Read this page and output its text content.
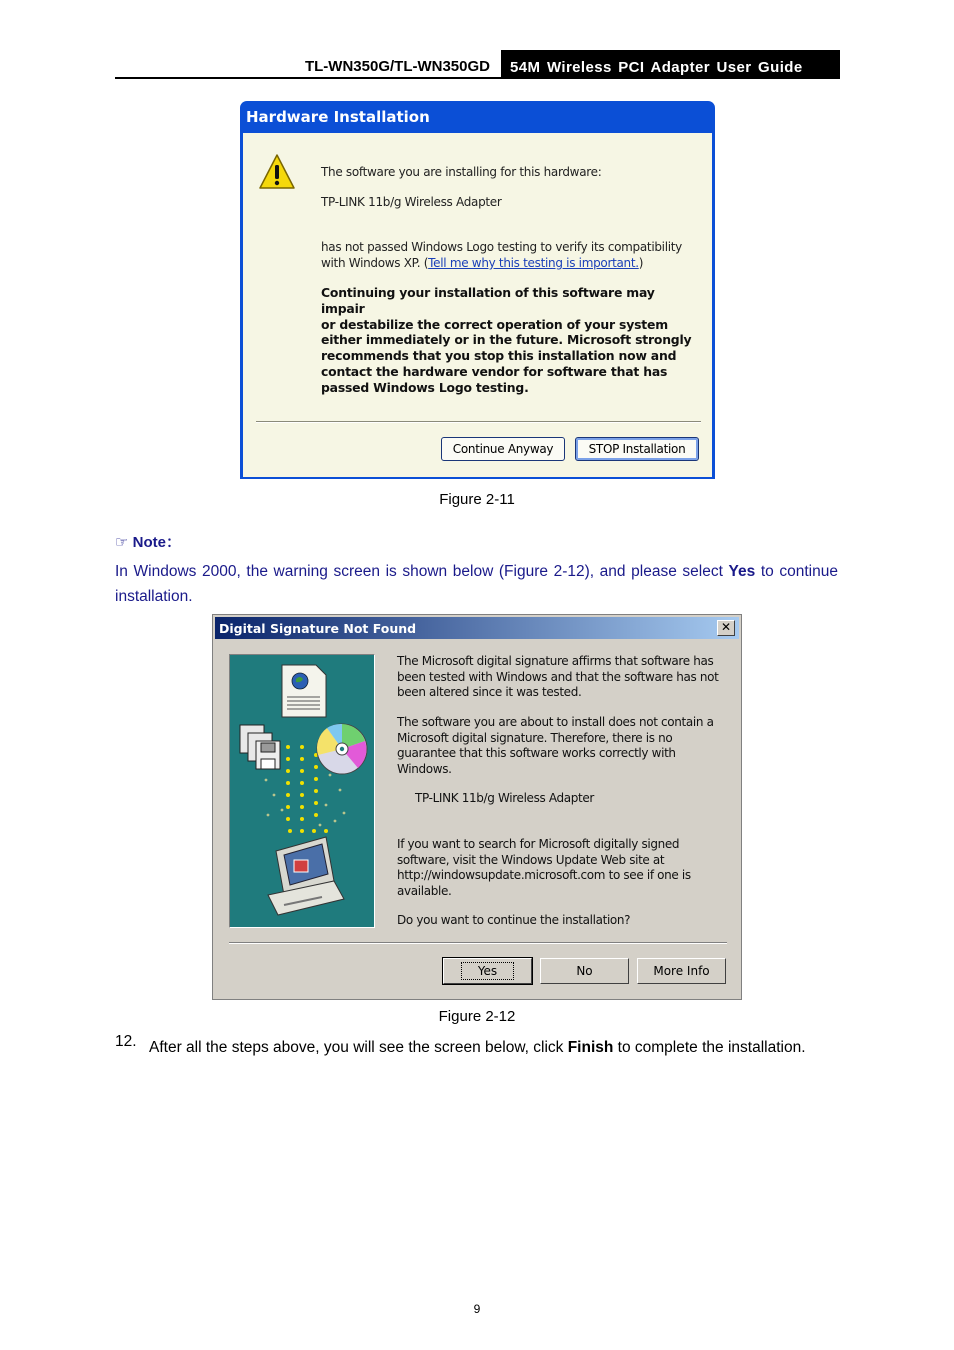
TL-WN350G/TL-WN350GD	54M Wireless PCI Adapter User Guide
Hardware Installation
The software you are installing for this hardware:
TP-LINK 11b/g Wireless Adapter
has not passed Windows Logo testing to verify its compatibility
with Windows XP. (Tell me why this testing is important.)
Continuing your installation of this software may impair
or destabilize the correct operation of your system
either immediately or in the future. Microsoft strongly
recommends that you stop this installation now and
contact the hardware vendor for software that has
passed Windows Logo testing.
Continue Anyway	STOP Installation
Figure 2-11
☞ Note：
In Windows 2000, the warning screen is shown below (Figure 2-12), and please select Yes to continue installation.
Digital Signature Not Found	✕
The Microsoft digital signature affirms that software has been tested with Windows and that the software has not been altered since it was tested.
The software you are about to install does not contain a Microsoft digital signature. Therefore, there is no guarantee that this software works correctly with Windows.
TP-LINK 11b/g Wireless Adapter
If you want to search for Microsoft digitally signed software, visit the Windows Update Web site at http://windowsupdate.microsoft.com to see if one is available.
Do you want to continue the installation?
Yes	No	More Info
Figure 2-12
12. After all the steps above, you will see the screen below, click Finish to complete the installation.
9
